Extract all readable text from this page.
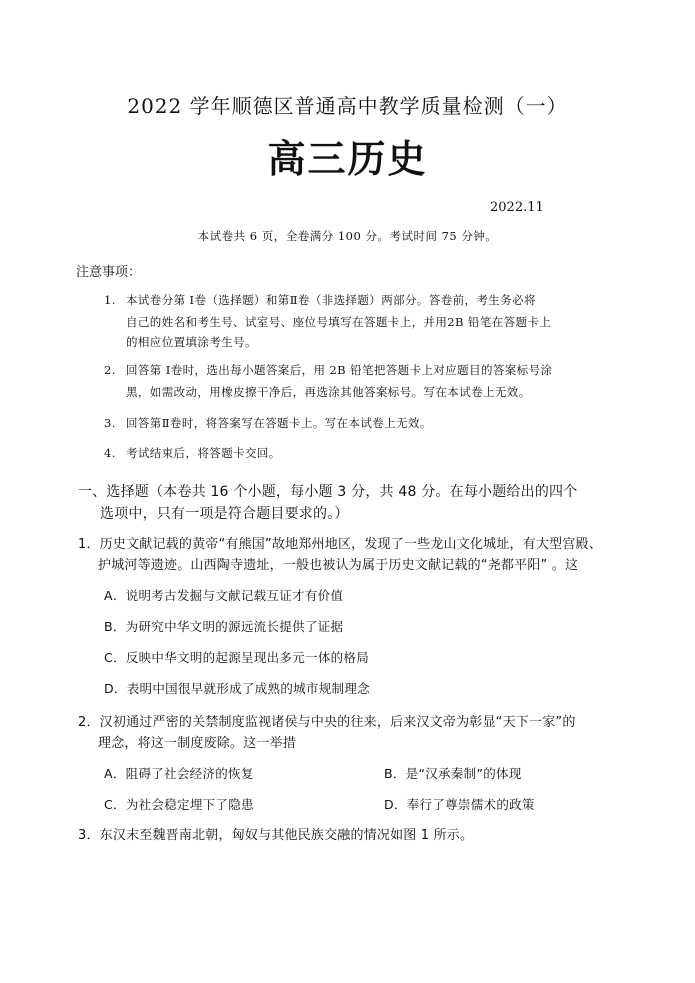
2022 学年顺德区普通高中教学质量检测（一）
高三历史
2022.11
本试卷共 6 页，全卷满分 100 分。考试时间 75 分钟。
注意事项：
1. 本试卷分第 Ⅰ卷（选择题）和第Ⅱ卷（非选择题）两部分。答卷前，考生务必将
自己的姓名和考生号、试室号、座位号填写在答题卡上，并用2B 铅笔在答题卡上
的相应位置填涂考生号。
2. 回答第 Ⅰ卷时，选出每小题答案后，用 2B 铅笔把答题卡上对应题目的答案标号涂
黑，如需改动，用橡皮擦干净后，再选涂其他答案标号。写在本试卷上无效。
3. 回答第Ⅱ卷时，将答案写在答题卡上。写在本试卷上无效。
4. 考试结束后，将答题卡交回。
一、选择题（本卷共 16 个小题，每小题 3 分，共 48 分。在每小题给出的四个
选项中，只有一项是符合题目要求的。）
1．历史文献记载的黄帝“有熊国”故地郑州地区，发现了一些龙山文化城址，有大型宫殿、
护城河等遗迹。山西陶寺遗址，一般也被认为属于历史文献记载的“尧都平阳” 。这
A．说明考古发掘与文献记载互证才有价值
B．为研究中华文明的源远流长提供了证据
C．反映中华文明的起源呈现出多元一体的格局
D．表明中国很早就形成了成熟的城市规制理念
2．汉初通过严密的关禁制度监视诸侯与中央的往来，后来汉文帝为彰显“天下一家”的
理念，将这一制度废除。这一举措
A．阻碍了社会经济的恢复	B．是“汉承秦制”的体现
C．为社会稳定埋下了隐患	D．奉行了尊崇儒术的政策
3．东汉末至魏晋南北朝，匈奴与其他民族交融的情况如图 1 所示。
